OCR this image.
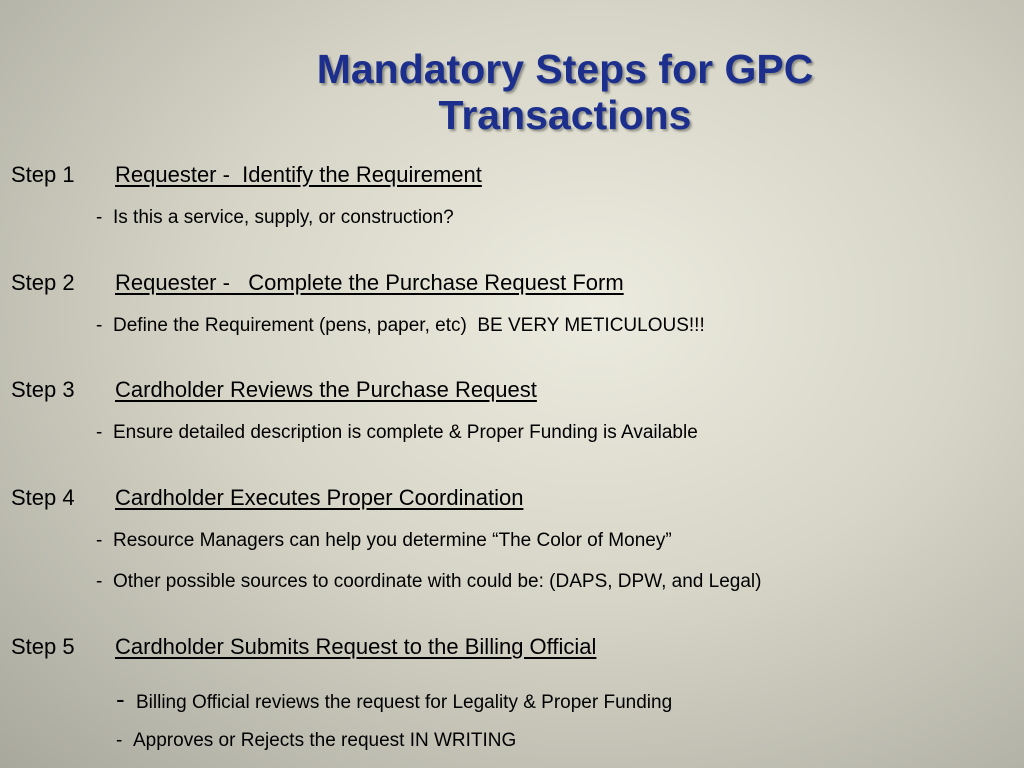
Mandatory Steps for GPC
Transactions
Step 1 Requester -  Identify the Requirement
- Is this a service, supply, or construction?
Step 2 Requester -   Complete the Purchase Request Form
- Define the Requirement (pens, paper, etc)  BE VERY METICULOUS!!!
Step 3 Cardholder Reviews the Purchase Request
- Ensure detailed description is complete & Proper Funding is Available
Step 4 Cardholder Executes Proper Coordination
- Resource Managers can help you determine “The Color of Money”
- Other possible sources to coordinate with could be: (DAPS, DPW, and Legal)
Step 5 Cardholder Submits Request to the Billing Official
- Billing Official reviews the request for Legality & Proper Funding
- Approves or Rejects the request IN WRITING
